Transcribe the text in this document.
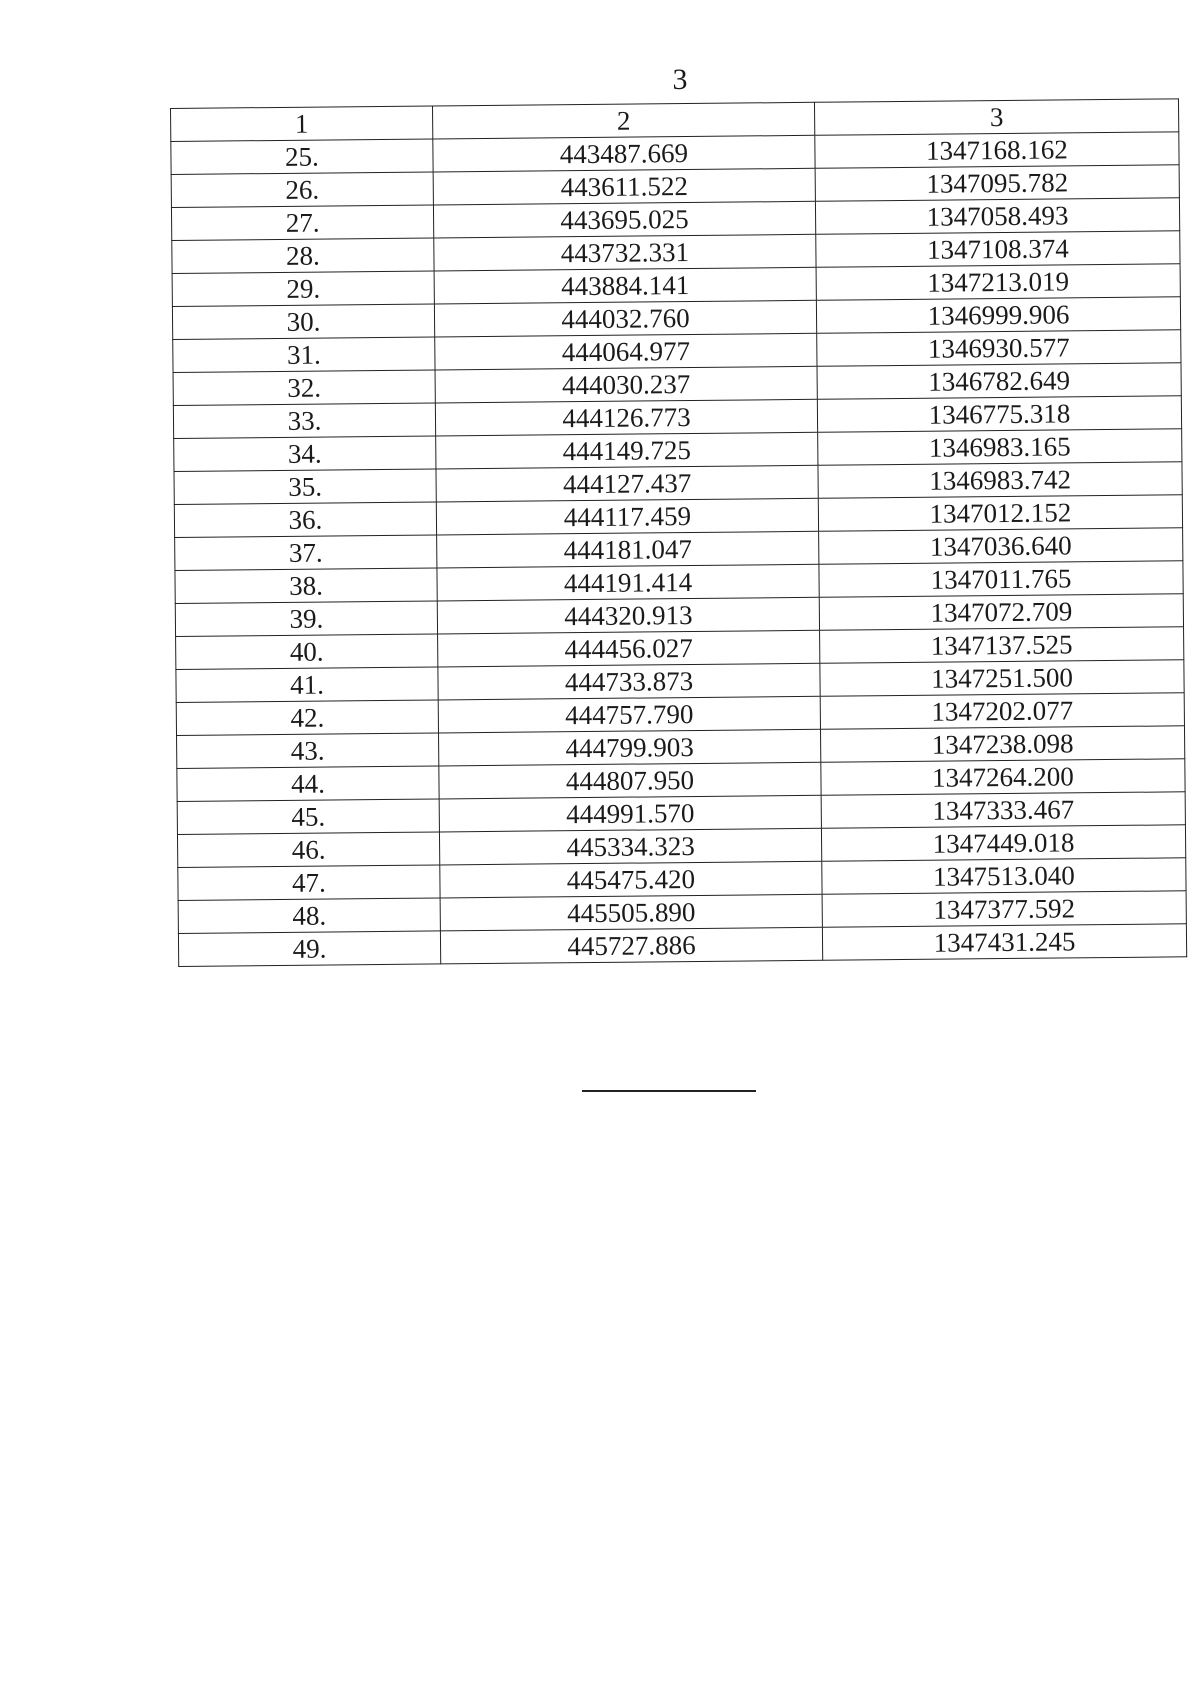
3
1	2	3
25.	443487.669	1347168.162
26.	443611.522	1347095.782
27.	443695.025	1347058.493
28.	443732.331	1347108.374
29.	443884.141	1347213.019
30.	444032.760	1346999.906
31.	444064.977	1346930.577
32.	444030.237	1346782.649
33.	444126.773	1346775.318
34.	444149.725	1346983.165
35.	444127.437	1346983.742
36.	444117.459	1347012.152
37.	444181.047	1347036.640
38.	444191.414	1347011.765
39.	444320.913	1347072.709
40.	444456.027	1347137.525
41.	444733.873	1347251.500
42.	444757.790	1347202.077
43.	444799.903	1347238.098
44.	444807.950	1347264.200
45.	444991.570	1347333.467
46.	445334.323	1347449.018
47.	445475.420	1347513.040
48.	445505.890	1347377.592
49.	445727.886	1347431.245
